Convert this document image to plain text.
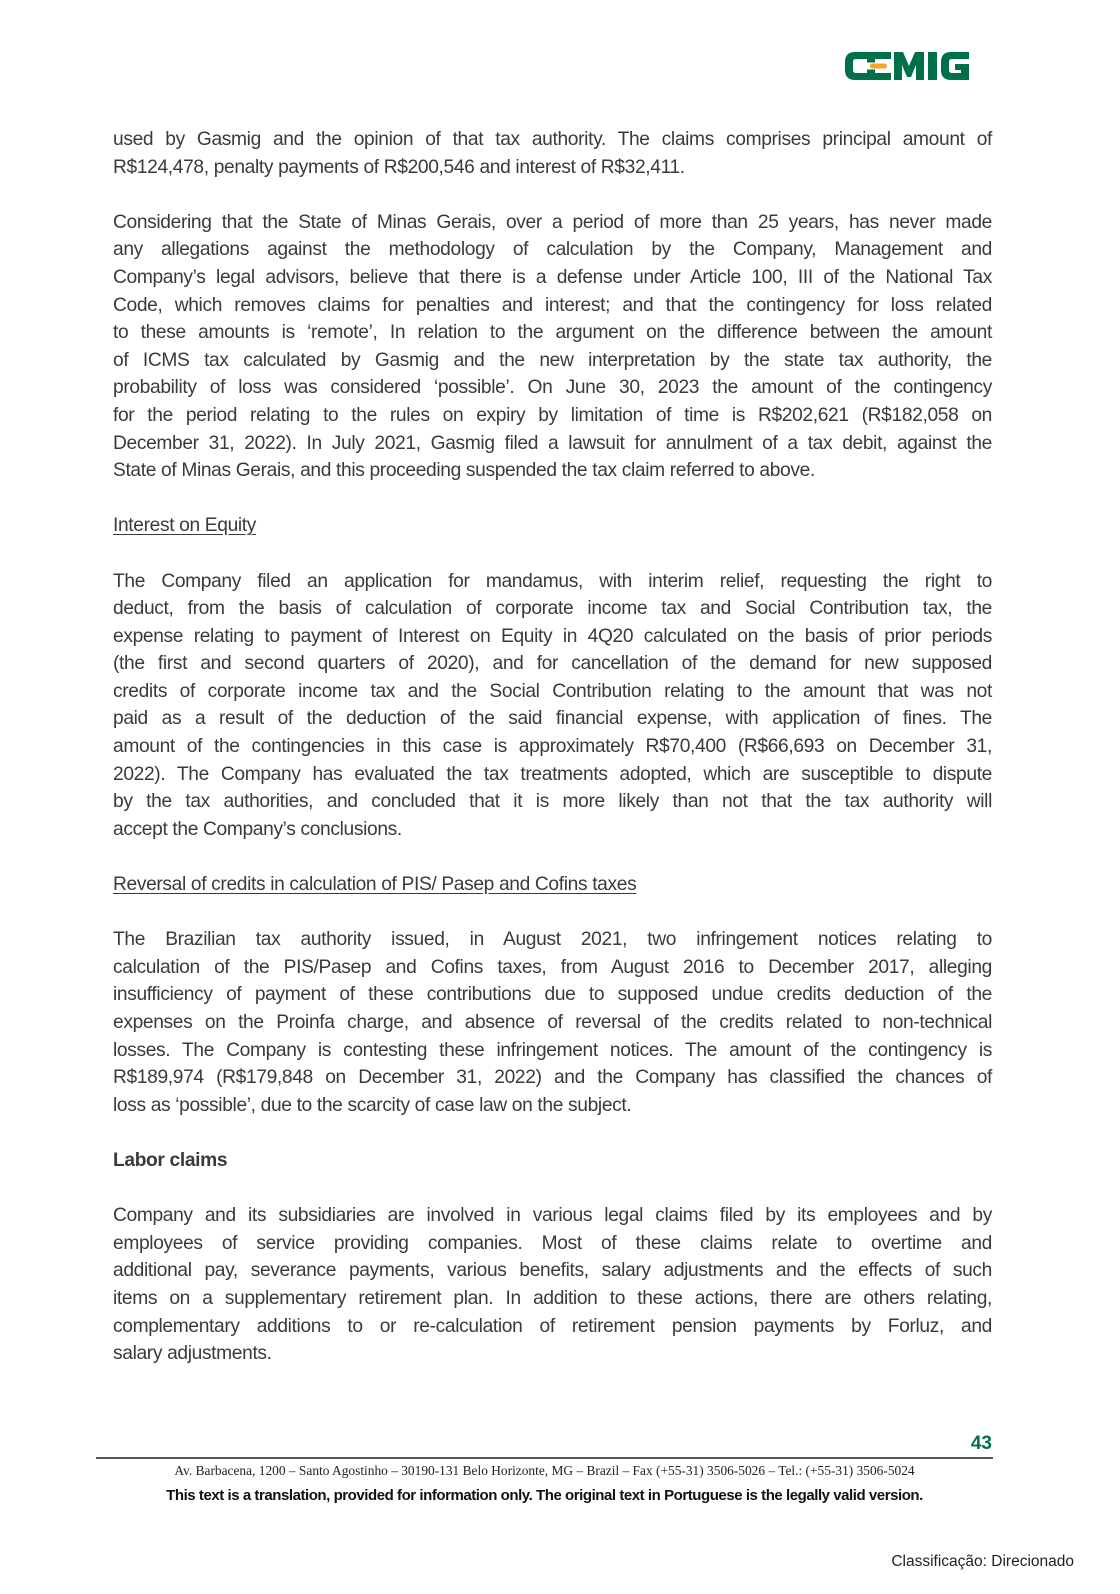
used by Gasmig and the opinion of that tax authority. The claims comprises principal amount of
R$124,478, penalty payments of R$200,546 and interest of R$32,411.
Considering that the State of Minas Gerais, over a period of more than 25 years, has never made
any allegations against the methodology of calculation by the Company, Management and
Company’s legal advisors, believe that there is a defense under Article 100, III of the National Tax
Code, which removes claims for penalties and interest; and that the contingency for loss related
to these amounts is ‘remote’, In relation to the argument on the difference between the amount
of ICMS tax calculated by Gasmig and the new interpretation by the state tax authority, the
probability of loss was considered ‘possible’. On June 30, 2023 the amount of the contingency
for the period relating to the rules on expiry by limitation of time is R$202,621 (R$182,058 on
December 31, 2022). In July 2021, Gasmig filed a lawsuit for annulment of a tax debit, against the
State of Minas Gerais, and this proceeding suspended the tax claim referred to above.
Interest on Equity
The Company filed an application for mandamus, with interim relief, requesting the right to
deduct, from the basis of calculation of corporate income tax and Social Contribution tax, the
expense relating to payment of Interest on Equity in 4Q20 calculated on the basis of prior periods
(the first and second quarters of 2020), and for cancellation of the demand for new supposed
credits of corporate income tax and the Social Contribution relating to the amount that was not
paid as a result of the deduction of the said financial expense, with application of fines. The
amount of the contingencies in this case is approximately R$70,400 (R$66,693 on December 31,
2022). The Company has evaluated the tax treatments adopted, which are susceptible to dispute
by the tax authorities, and concluded that it is more likely than not that the tax authority will
accept the Company’s conclusions.
Reversal of credits in calculation of PIS/ Pasep and Cofins taxes
The Brazilian tax authority issued, in August 2021, two infringement notices relating to
calculation of the PIS/Pasep and Cofins taxes, from August 2016 to December 2017, alleging
insufficiency of payment of these contributions due to supposed undue credits deduction of the
expenses on the Proinfa charge, and absence of reversal of the credits related to non-technical
losses. The Company is contesting these infringement notices. The amount of the contingency is
R$189,974 (R$179,848 on December 31, 2022) and the Company has classified the chances of
loss as ‘possible’, due to the scarcity of case law on the subject.
Labor claims
Company and its subsidiaries are involved in various legal claims filed by its employees and by
employees of service providing companies. Most of these claims relate to overtime and
additional pay, severance payments, various benefits, salary adjustments and the effects of such
items on a supplementary retirement plan. In addition to these actions, there are others relating,
complementary additions to or re-calculation of retirement pension payments by Forluz, and
salary adjustments.
43
Av. Barbacena, 1200 – Santo Agostinho – 30190-131 Belo Horizonte, MG – Brazil – Fax (+55-31) 3506-5026 – Tel.: (+55-31) 3506-5024
This text is a translation, provided for information only. The original text in Portuguese is the legally valid version.
Classificação: Direcionado
